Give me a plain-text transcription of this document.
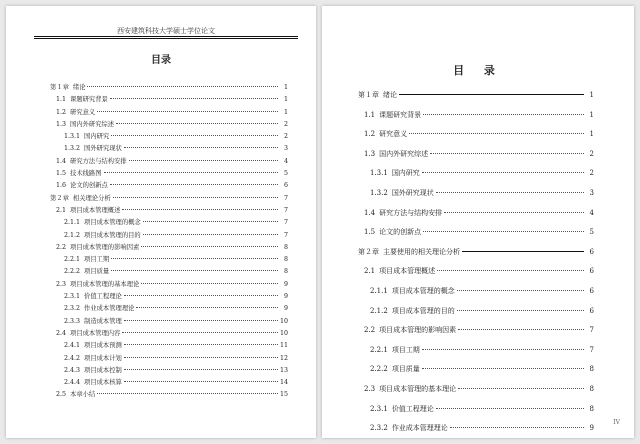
西安建筑科技大学硕士学位论文
目录
第１章 绪论	1
1.1 课题研究背景	1
1.2 研究意义	1
1.3 国内外研究综述	2
1.3.1 国内研究	2
1.3.2 国外研究现状	3
1.4 研究方法与结构安排	4
1.5 技术线路图	5
1.6 论文的创新点	6
第２章 相关理论分析	7
2.1 项目成本管理概述	7
2.1.1 项目成本管理的概念	7
2.1.2 项目成本管理的目的	7
2.2 项目成本管理的影响因素	8
2.2.1 项目工期	8
2.2.2 项目质量	8
2.3 项目成本管理的基本理论	9
2.3.1 价值工程理论	9
2.3.2 作业成本管理理论	9
2.3.3 制造成本管理	10
2.4 项目成本管理内容	10
2.4.1 项目成本预测	11
2.4.2 项目成本计划	12
2.4.3 项目成本控制	13
2.4.4 项目成本核算	14
2.5 本章小结	15
目 录
第１章 绪论	1
1.1 课题研究背景	1
1.2 研究意义	1
1.3 国内外研究综述	2
1.3.1 国内研究	2
1.3.2 国外研究现状	3
1.4 研究方法与结构安排	4
1.5 论文的创新点	5
第２章 主要使用的相关理论分析	6
2.1 项目成本管理概述	6
2.1.1 项目成本管理的概念	6
2.1.2 项目成本管理的目的	6
2.2 项目成本管理的影响因素	7
2.2.1 项目工期	7
2.2.2 项目质量	8
2.3 项目成本管理的基本理论	8
2.3.1 价值工程理论	8
2.3.2 作业成本管理理论	9
IV
